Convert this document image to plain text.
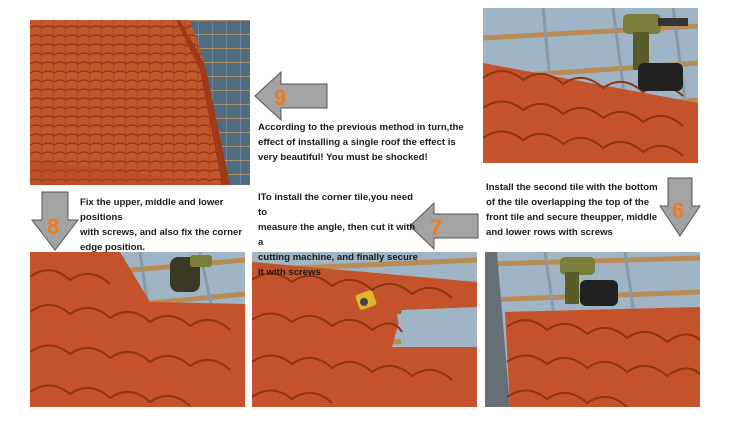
9
6
7
8
According to the previous method in turn,the
effect of installing a single roof the effect is
very beautiful! You must be shocked!
Install the second tile with the bottom
of the tile overlapping the top of the
front tile and secure theupper, middle
and lower rows with screws
ITo install the corner tile,you need to
measure the angle, then cut it with a
cutting machine, and finally secure
it with screws
Fix the upper, middle and lower positions
with screws, and also fix the corner
edge position.
